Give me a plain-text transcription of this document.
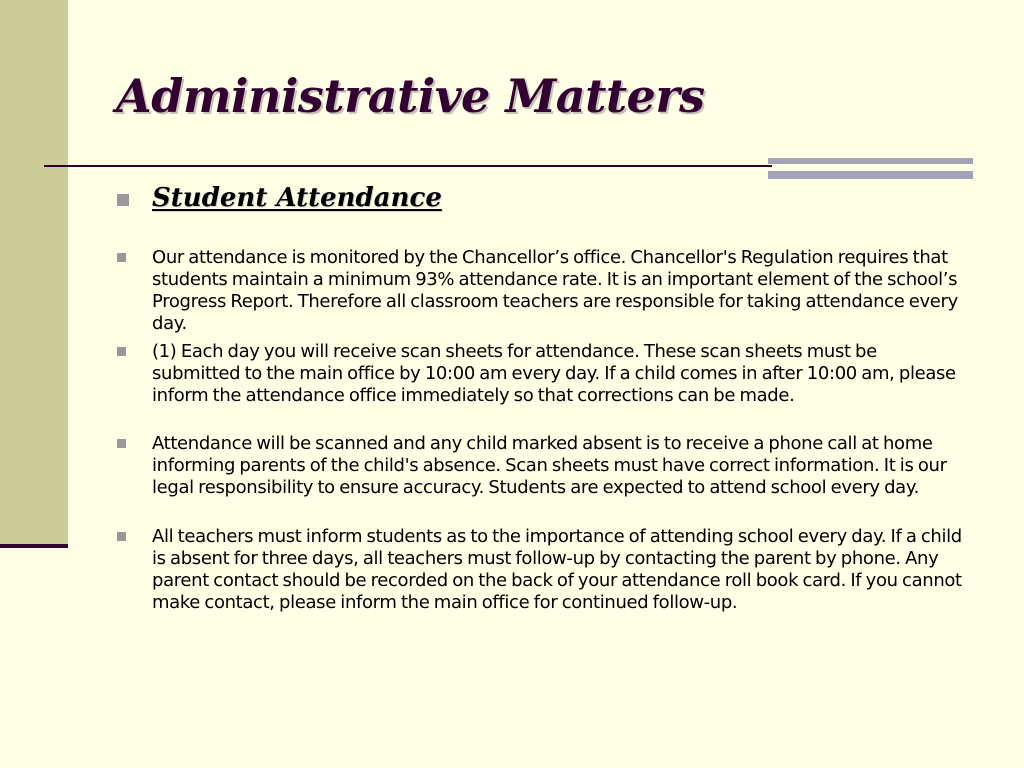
Administrative Matters
Student Attendance

Our attendance is monitored by the Chancellor’s office. Chancellor's Regulation requires that students maintain a minimum 93% attendance rate. It is an important element of the school’s Progress Report. Therefore all classroom teachers are responsible for taking attendance every day.

(1) Each day you will receive scan sheets for attendance. These scan sheets must be submitted to the main office by 10:00 am every day. If a child comes in after 10:00 am, please inform the attendance office immediately so that corrections can be made.

Attendance will be scanned and any child marked absent is to receive a phone call at home informing parents of the child's absence. Scan sheets must have correct information. It is our legal responsibility to ensure accuracy. Students are expected to attend school every day.

All teachers must inform students as to the importance of attending school every day. If a child is absent for three days, all teachers must follow-up by contacting the parent by phone. Any parent contact should be recorded on the back of your attendance roll book card. If you cannot make contact, please inform the main office for continued follow-up.
